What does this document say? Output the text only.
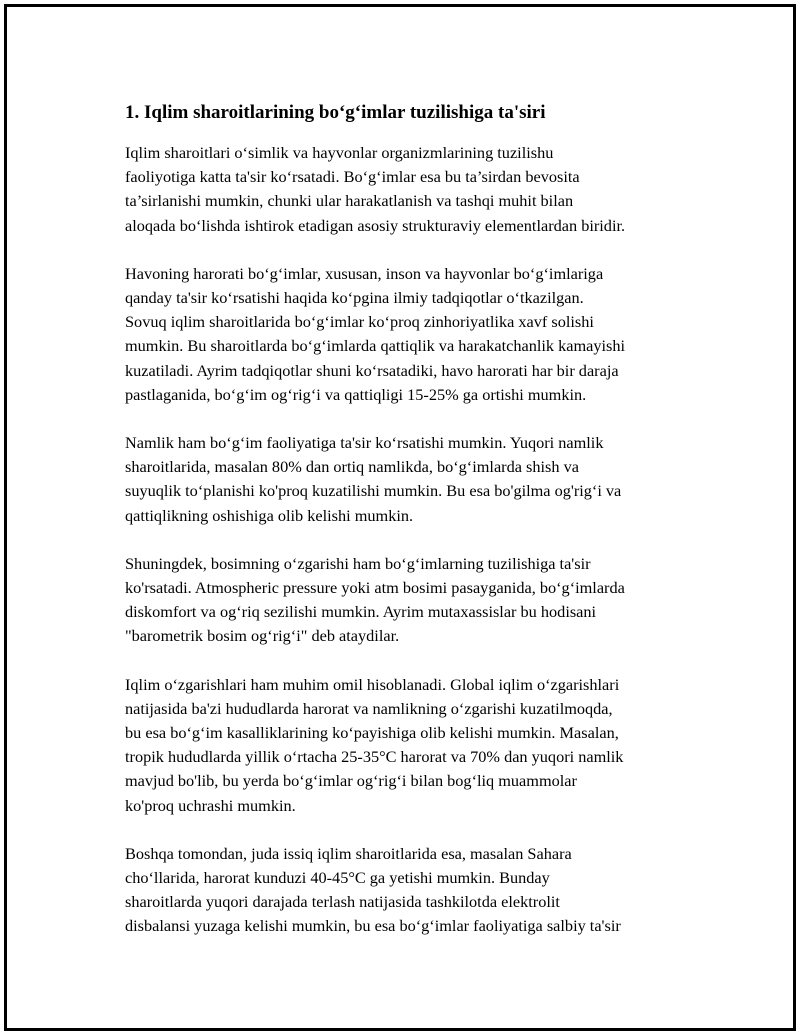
1. Iqlim sharoitlarining bo‘g‘imlar tuzilishiga ta'siri
Iqlim sharoitlari o‘simlik va hayvonlar organizmlarining tuzilishu
faoliyotiga katta ta'sir ko‘rsatadi. Bo‘g‘imlar esa bu ta’sirdan bevosita
ta’sirlanishi mumkin, chunki ular harakatlanish va tashqi muhit bilan
aloqada bo‘lishda ishtirok etadigan asosiy strukturaviy elementlardan biridir.
Havoning harorati bo‘g‘imlar, xususan, inson va hayvonlar bo‘g‘imlariga
qanday ta'sir ko‘rsatishi haqida ko‘pgina ilmiy tadqiqotlar o‘tkazilgan.
Sovuq iqlim sharoitlarida bo‘g‘imlar ko‘proq zinhoriyatlika xavf solishi
mumkin. Bu sharoitlarda bo‘g‘imlarda qattiqlik va harakatchanlik kamayishi
kuzatiladi. Ayrim tadqiqotlar shuni ko‘rsatadiki, havo harorati har bir daraja
pastlaganida, bo‘g‘im og‘rig‘i va qattiqligi 15-25% ga ortishi mumkin.
Namlik ham bo‘g‘im faoliyatiga ta'sir ko‘rsatishi mumkin. Yuqori namlik
sharoitlarida, masalan 80% dan ortiq namlikda, bo‘g‘imlarda shish va
suyuqlik to‘planishi ko'proq kuzatilishi mumkin. Bu esa bo'gilma og'rig‘i va
qattiqlikning oshishiga olib kelishi mumkin.
Shuningdek, bosimning o‘zgarishi ham bo‘g‘imlarning tuzilishiga ta'sir
ko'rsatadi. Atmospheric pressure yoki atm bosimi pasayganida, bo‘g‘imlarda
diskomfort va og‘riq sezilishi mumkin. Ayrim mutaxassislar bu hodisani
"barometrik bosim og‘rig‘i" deb ataydilar.
Iqlim o‘zgarishlari ham muhim omil hisoblanadi. Global iqlim o‘zgarishlari
natijasida ba'zi hududlarda harorat va namlikning o‘zgarishi kuzatilmoqda,
bu esa bo‘g‘im kasalliklarining ko‘payishiga olib kelishi mumkin. Masalan,
tropik hududlarda yillik o‘rtacha 25-35°C harorat va 70% dan yuqori namlik
mavjud bo'lib, bu yerda bo‘g‘imlar og‘rig‘i bilan bog‘liq muammolar
ko'proq uchrashi mumkin.
Boshqa tomondan, juda issiq iqlim sharoitlarida esa, masalan Sahara
cho‘llarida, harorat kunduzi 40-45°C ga yetishi mumkin. Bunday
sharoitlarda yuqori darajada terlash natijasida tashkilotda elektrolit
disbalansi yuzaga kelishi mumkin, bu esa bo‘g‘imlar faoliyatiga salbiy ta'sir
